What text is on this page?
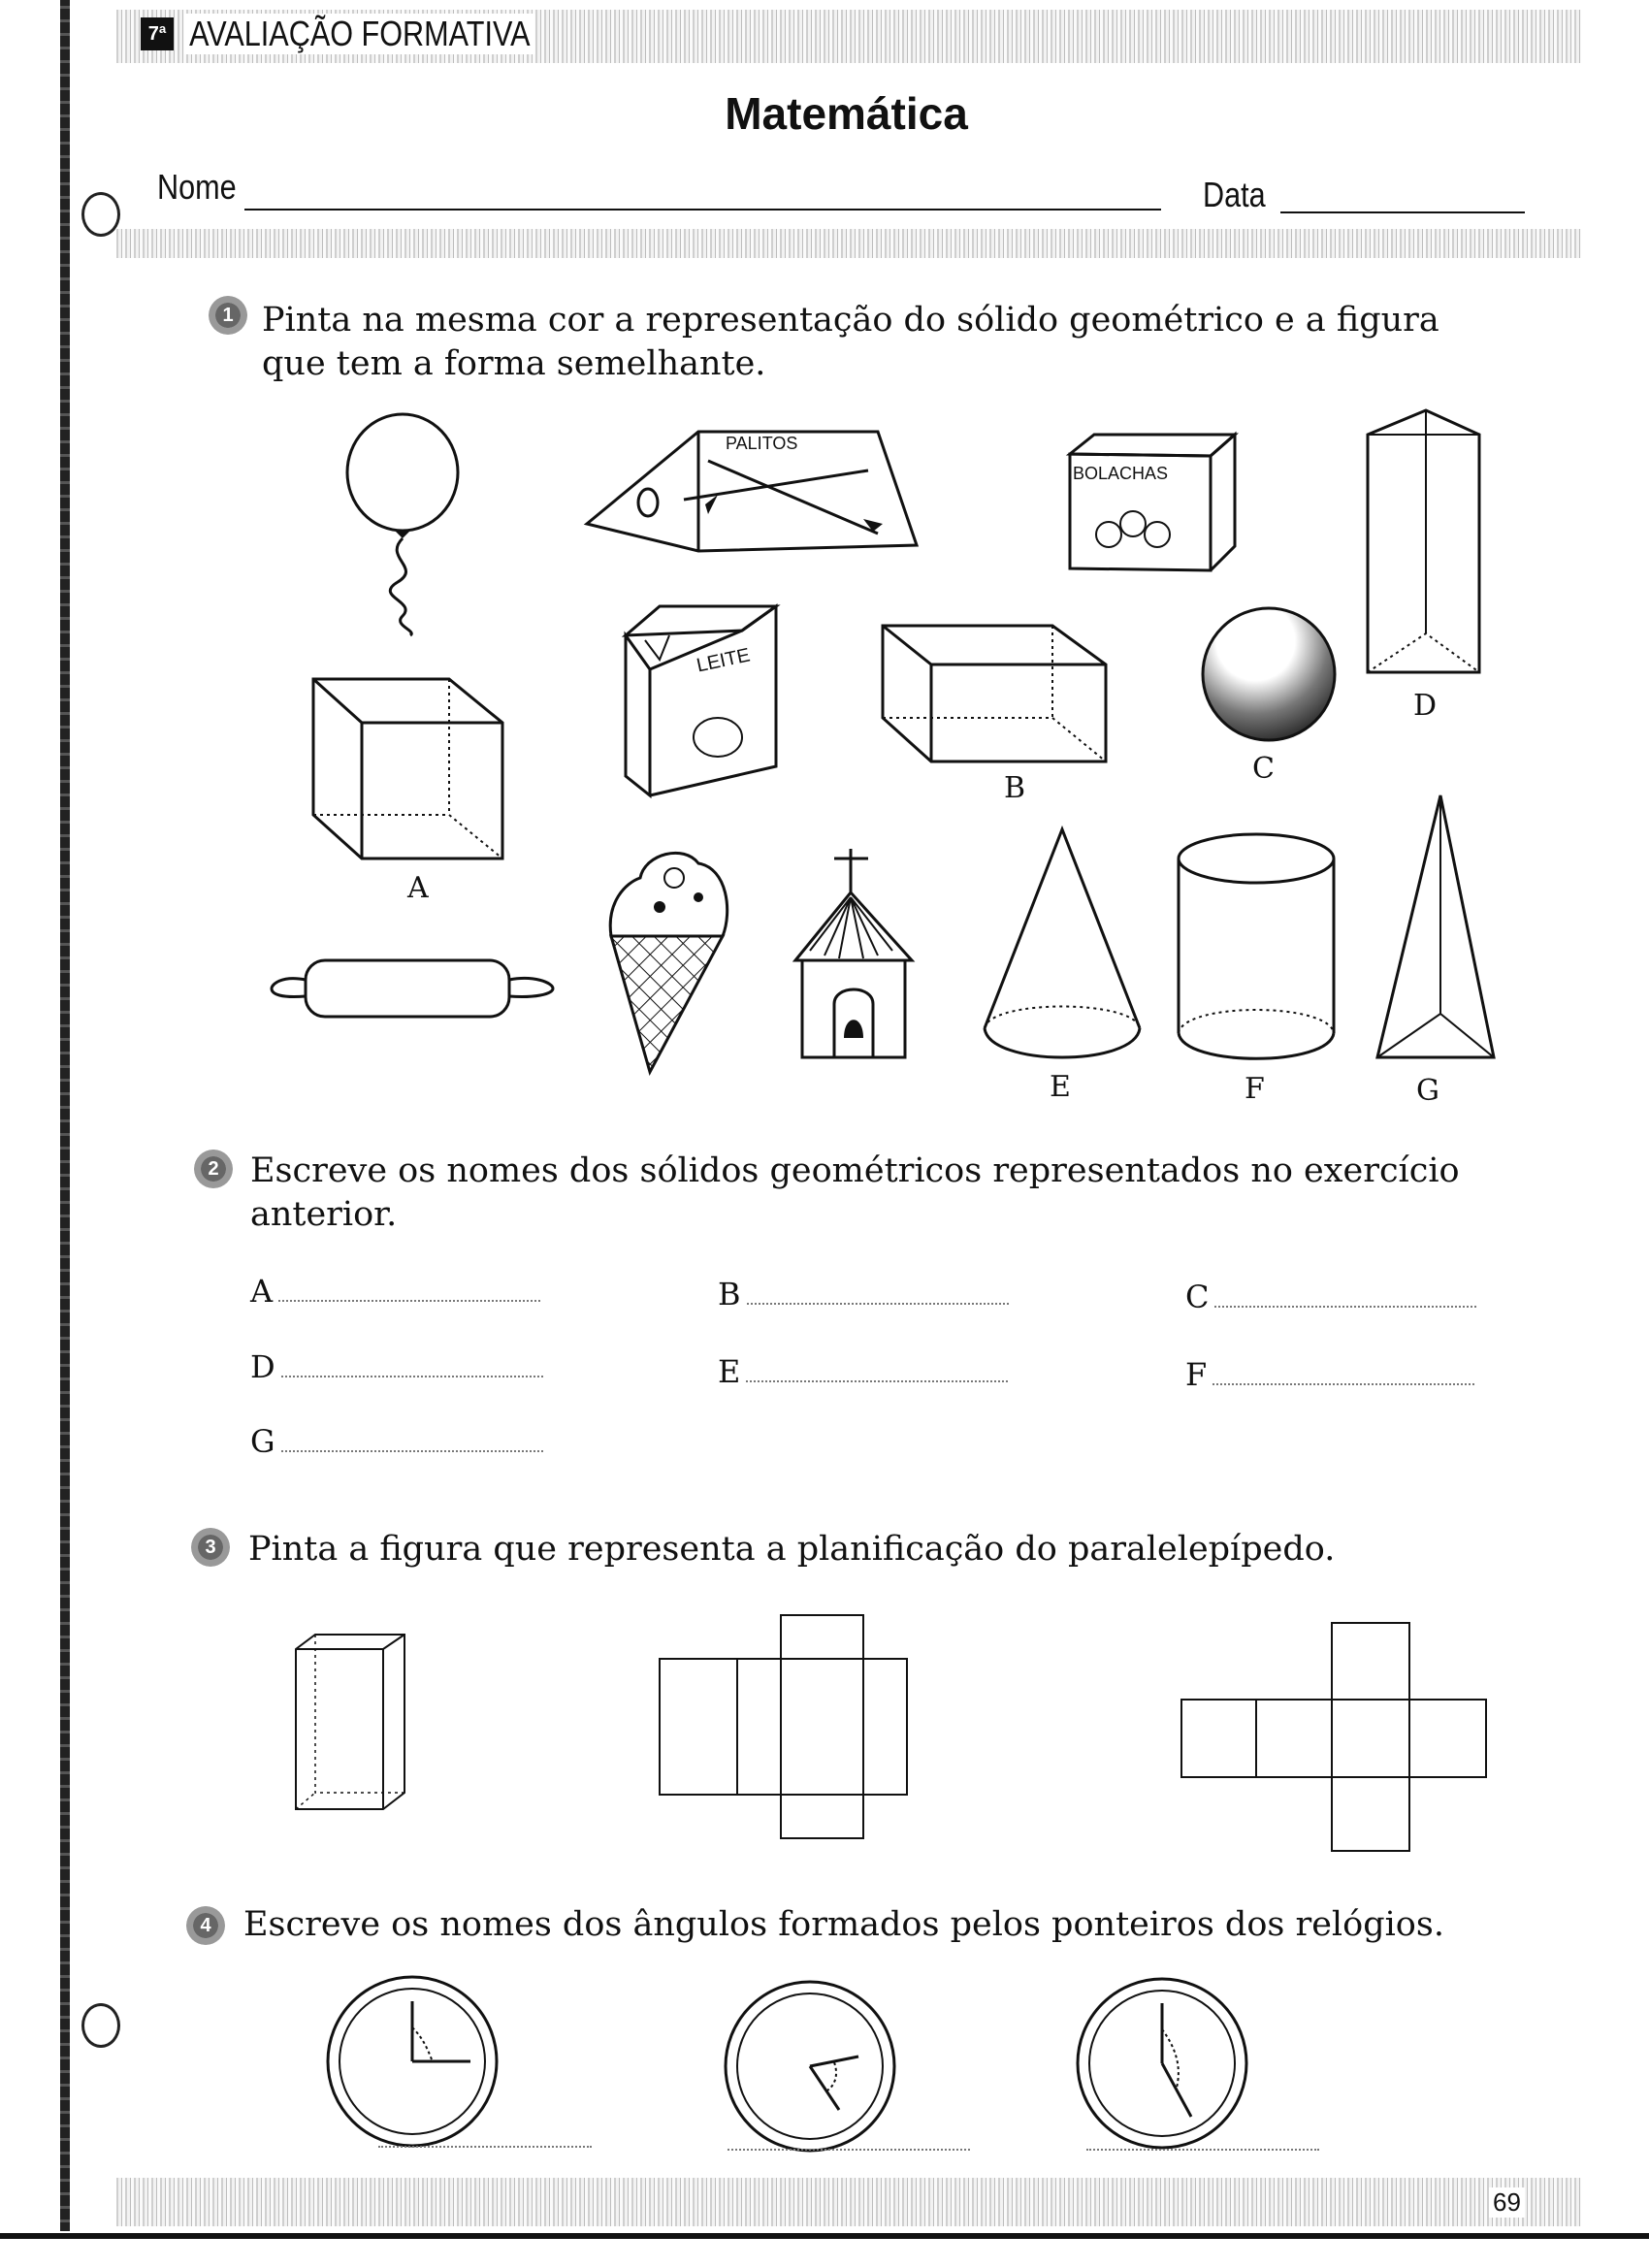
7ª AVALIAÇÃO FORMATIVA
Matemática
Nome	Data
1 Pinta na mesma cor a representação do sólido geométrico e a figura que tem a forma semelhante.
PALITOS
BOLACHAS
D
LEITE
B
C
A
E	F	G
2 Escreve os nomes dos sólidos geométricos representados no exercício anterior.
A	B	C
D	E	F
G
3 Pinta a figura que representa a planificação do paralelepípedo.
4 Escreve os nomes dos ângulos formados pelos ponteiros dos relógios.
69
